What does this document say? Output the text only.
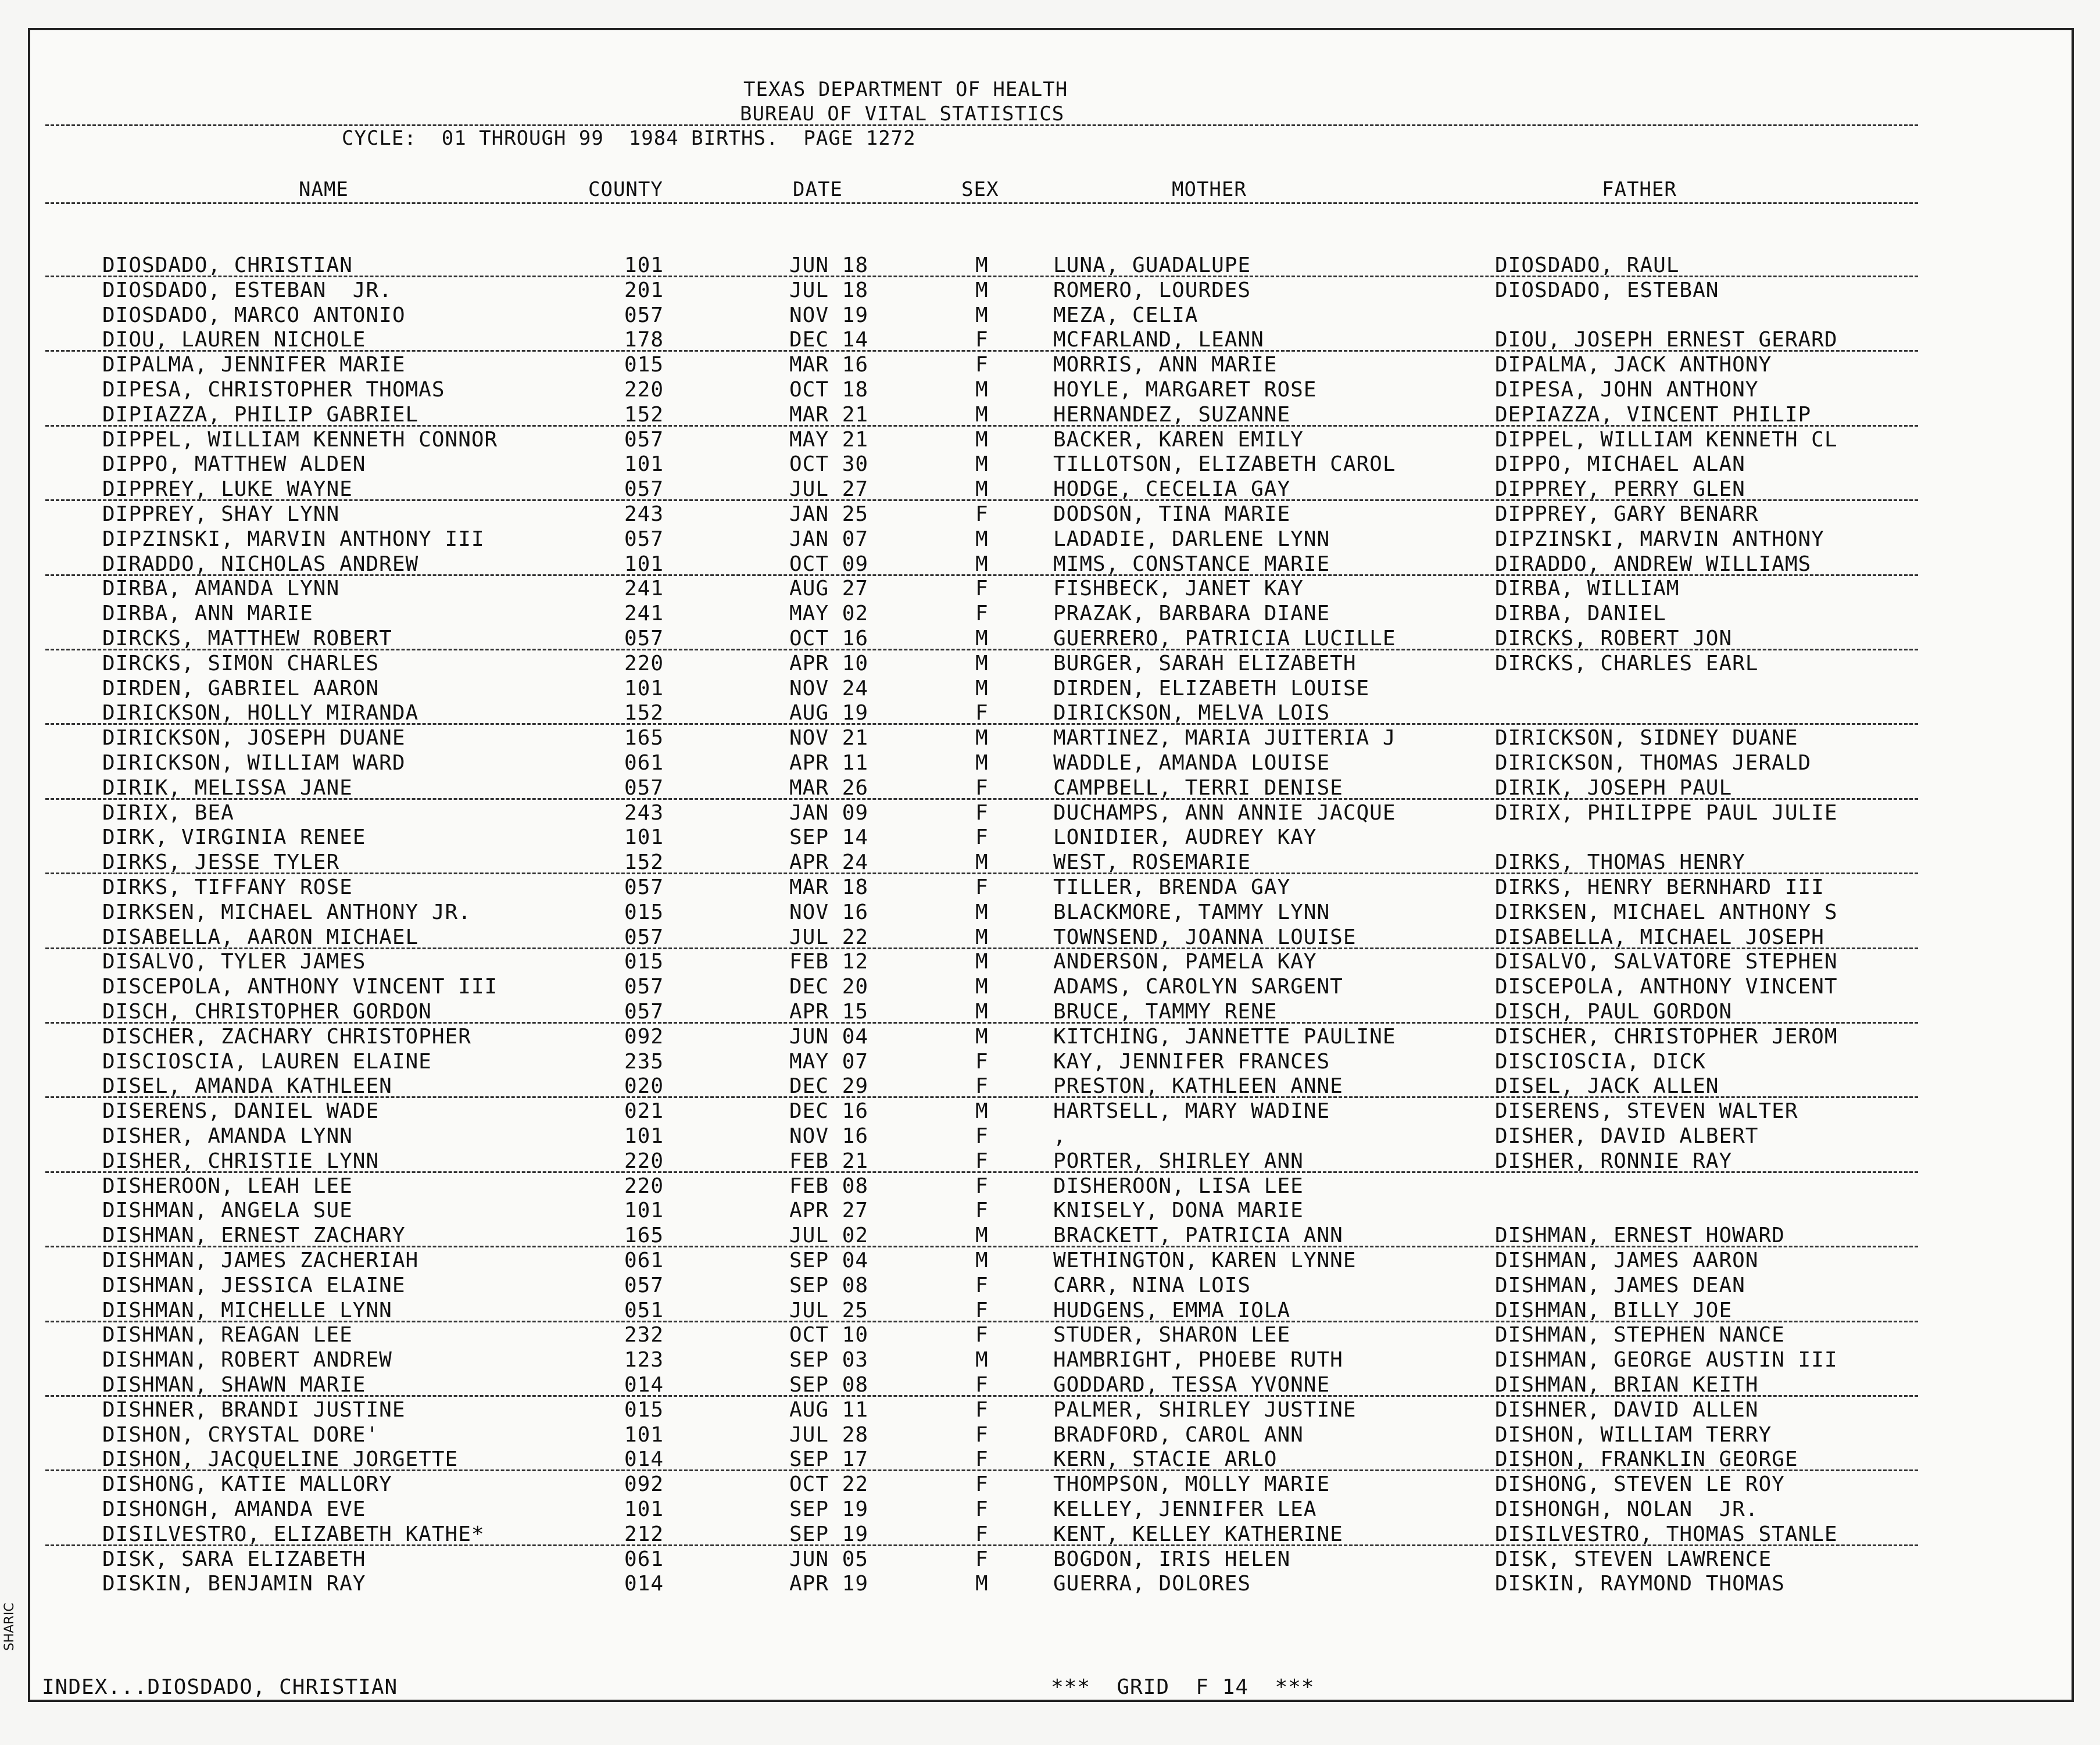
SHARIC
TEXAS DEPARTMENT OF HEALTH
BUREAU OF VITAL STATISTICS
CYCLE:  01 THROUGH 99  1984 BIRTHS.  PAGE 1272
NAME	COUNTY	DATE	SEX	MOTHER	FATHER
DIOSDADO, CHRISTIAN	101	JUN 18	M	LUNA, GUADALUPE	DIOSDADO, RAUL
DIOSDADO, ESTEBAN  JR.	201	JUL 18	M	ROMERO, LOURDES	DIOSDADO, ESTEBAN
DIOSDADO, MARCO ANTONIO	057	NOV 19	M	MEZA, CELIA
DIOU, LAUREN NICHOLE	178	DEC 14	F	MCFARLAND, LEANN	DIOU, JOSEPH ERNEST GERARD
DIPALMA, JENNIFER MARIE	015	MAR 16	F	MORRIS, ANN MARIE	DIPALMA, JACK ANTHONY
DIPESA, CHRISTOPHER THOMAS	220	OCT 18	M	HOYLE, MARGARET ROSE	DIPESA, JOHN ANTHONY
DIPIAZZA, PHILIP GABRIEL	152	MAR 21	M	HERNANDEZ, SUZANNE	DEPIAZZA, VINCENT PHILIP
DIPPEL, WILLIAM KENNETH CONNOR	057	MAY 21	M	BACKER, KAREN EMILY	DIPPEL, WILLIAM KENNETH CL
DIPPO, MATTHEW ALDEN	101	OCT 30	M	TILLOTSON, ELIZABETH CAROL	DIPPO, MICHAEL ALAN
DIPPREY, LUKE WAYNE	057	JUL 27	M	HODGE, CECELIA GAY	DIPPREY, PERRY GLEN
DIPPREY, SHAY LYNN	243	JAN 25	F	DODSON, TINA MARIE	DIPPREY, GARY BENARR
DIPZINSKI, MARVIN ANTHONY III	057	JAN 07	M	LADADIE, DARLENE LYNN	DIPZINSKI, MARVIN ANTHONY
DIRADDO, NICHOLAS ANDREW	101	OCT 09	M	MIMS, CONSTANCE MARIE	DIRADDO, ANDREW WILLIAMS
DIRBA, AMANDA LYNN	241	AUG 27	F	FISHBECK, JANET KAY	DIRBA, WILLIAM
DIRBA, ANN MARIE	241	MAY 02	F	PRAZAK, BARBARA DIANE	DIRBA, DANIEL
DIRCKS, MATTHEW ROBERT	057	OCT 16	M	GUERRERO, PATRICIA LUCILLE	DIRCKS, ROBERT JON
DIRCKS, SIMON CHARLES	220	APR 10	M	BURGER, SARAH ELIZABETH	DIRCKS, CHARLES EARL
DIRDEN, GABRIEL AARON	101	NOV 24	M	DIRDEN, ELIZABETH LOUISE
DIRICKSON, HOLLY MIRANDA	152	AUG 19	F	DIRICKSON, MELVA LOIS
DIRICKSON, JOSEPH DUANE	165	NOV 21	M	MARTINEZ, MARIA JUITERIA J	DIRICKSON, SIDNEY DUANE
DIRICKSON, WILLIAM WARD	061	APR 11	M	WADDLE, AMANDA LOUISE	DIRICKSON, THOMAS JERALD
DIRIK, MELISSA JANE	057	MAR 26	F	CAMPBELL, TERRI DENISE	DIRIK, JOSEPH PAUL
DIRIX, BEA	243	JAN 09	F	DUCHAMPS, ANN ANNIE JACQUE	DIRIX, PHILIPPE PAUL JULIE
DIRK, VIRGINIA RENEE	101	SEP 14	F	LONIDIER, AUDREY KAY
DIRKS, JESSE TYLER	152	APR 24	M	WEST, ROSEMARIE	DIRKS, THOMAS HENRY
DIRKS, TIFFANY ROSE	057	MAR 18	F	TILLER, BRENDA GAY	DIRKS, HENRY BERNHARD III
DIRKSEN, MICHAEL ANTHONY JR.	015	NOV 16	M	BLACKMORE, TAMMY LYNN	DIRKSEN, MICHAEL ANTHONY S
DISABELLA, AARON MICHAEL	057	JUL 22	M	TOWNSEND, JOANNA LOUISE	DISABELLA, MICHAEL JOSEPH
DISALVO, TYLER JAMES	015	FEB 12	M	ANDERSON, PAMELA KAY	DISALVO, SALVATORE STEPHEN
DISCEPOLA, ANTHONY VINCENT III	057	DEC 20	M	ADAMS, CAROLYN SARGENT	DISCEPOLA, ANTHONY VINCENT
DISCH, CHRISTOPHER GORDON	057	APR 15	M	BRUCE, TAMMY RENE	DISCH, PAUL GORDON
DISCHER, ZACHARY CHRISTOPHER	092	JUN 04	M	KITCHING, JANNETTE PAULINE	DISCHER, CHRISTOPHER JEROM
DISCIOSCIA, LAUREN ELAINE	235	MAY 07	F	KAY, JENNIFER FRANCES	DISCIOSCIA, DICK
DISEL, AMANDA KATHLEEN	020	DEC 29	F	PRESTON, KATHLEEN ANNE	DISEL, JACK ALLEN
DISERENS, DANIEL WADE	021	DEC 16	M	HARTSELL, MARY WADINE	DISERENS, STEVEN WALTER
DISHER, AMANDA LYNN	101	NOV 16	F	,	DISHER, DAVID ALBERT
DISHER, CHRISTIE LYNN	220	FEB 21	F	PORTER, SHIRLEY ANN	DISHER, RONNIE RAY
DISHEROON, LEAH LEE	220	FEB 08	F	DISHEROON, LISA LEE
DISHMAN, ANGELA SUE	101	APR 27	F	KNISELY, DONA MARIE
DISHMAN, ERNEST ZACHARY	165	JUL 02	M	BRACKETT, PATRICIA ANN	DISHMAN, ERNEST HOWARD
DISHMAN, JAMES ZACHERIAH	061	SEP 04	M	WETHINGTON, KAREN LYNNE	DISHMAN, JAMES AARON
DISHMAN, JESSICA ELAINE	057	SEP 08	F	CARR, NINA LOIS	DISHMAN, JAMES DEAN
DISHMAN, MICHELLE LYNN	051	JUL 25	F	HUDGENS, EMMA IOLA	DISHMAN, BILLY JOE
DISHMAN, REAGAN LEE	232	OCT 10	F	STUDER, SHARON LEE	DISHMAN, STEPHEN NANCE
DISHMAN, ROBERT ANDREW	123	SEP 03	M	HAMBRIGHT, PHOEBE RUTH	DISHMAN, GEORGE AUSTIN III
DISHMAN, SHAWN MARIE	014	SEP 08	F	GODDARD, TESSA YVONNE	DISHMAN, BRIAN KEITH
DISHNER, BRANDI JUSTINE	015	AUG 11	F	PALMER, SHIRLEY JUSTINE	DISHNER, DAVID ALLEN
DISHON, CRYSTAL DORE'	101	JUL 28	F	BRADFORD, CAROL ANN	DISHON, WILLIAM TERRY
DISHON, JACQUELINE JORGETTE	014	SEP 17	F	KERN, STACIE ARLO	DISHON, FRANKLIN GEORGE
DISHONG, KATIE MALLORY	092	OCT 22	F	THOMPSON, MOLLY MARIE	DISHONG, STEVEN LE ROY
DISHONGH, AMANDA EVE	101	SEP 19	F	KELLEY, JENNIFER LEA	DISHONGH, NOLAN  JR.
DISILVESTRO, ELIZABETH KATHE*	212	SEP 19	F	KENT, KELLEY KATHERINE	DISILVESTRO, THOMAS STANLE
DISK, SARA ELIZABETH	061	JUN 05	F	BOGDON, IRIS HELEN	DISK, STEVEN LAWRENCE
DISKIN, BENJAMIN RAY	014	APR 19	M	GUERRA, DOLORES	DISKIN, RAYMOND THOMAS
INDEX...DIOSDADO, CHRISTIAN	***  GRID  F 14  ***
